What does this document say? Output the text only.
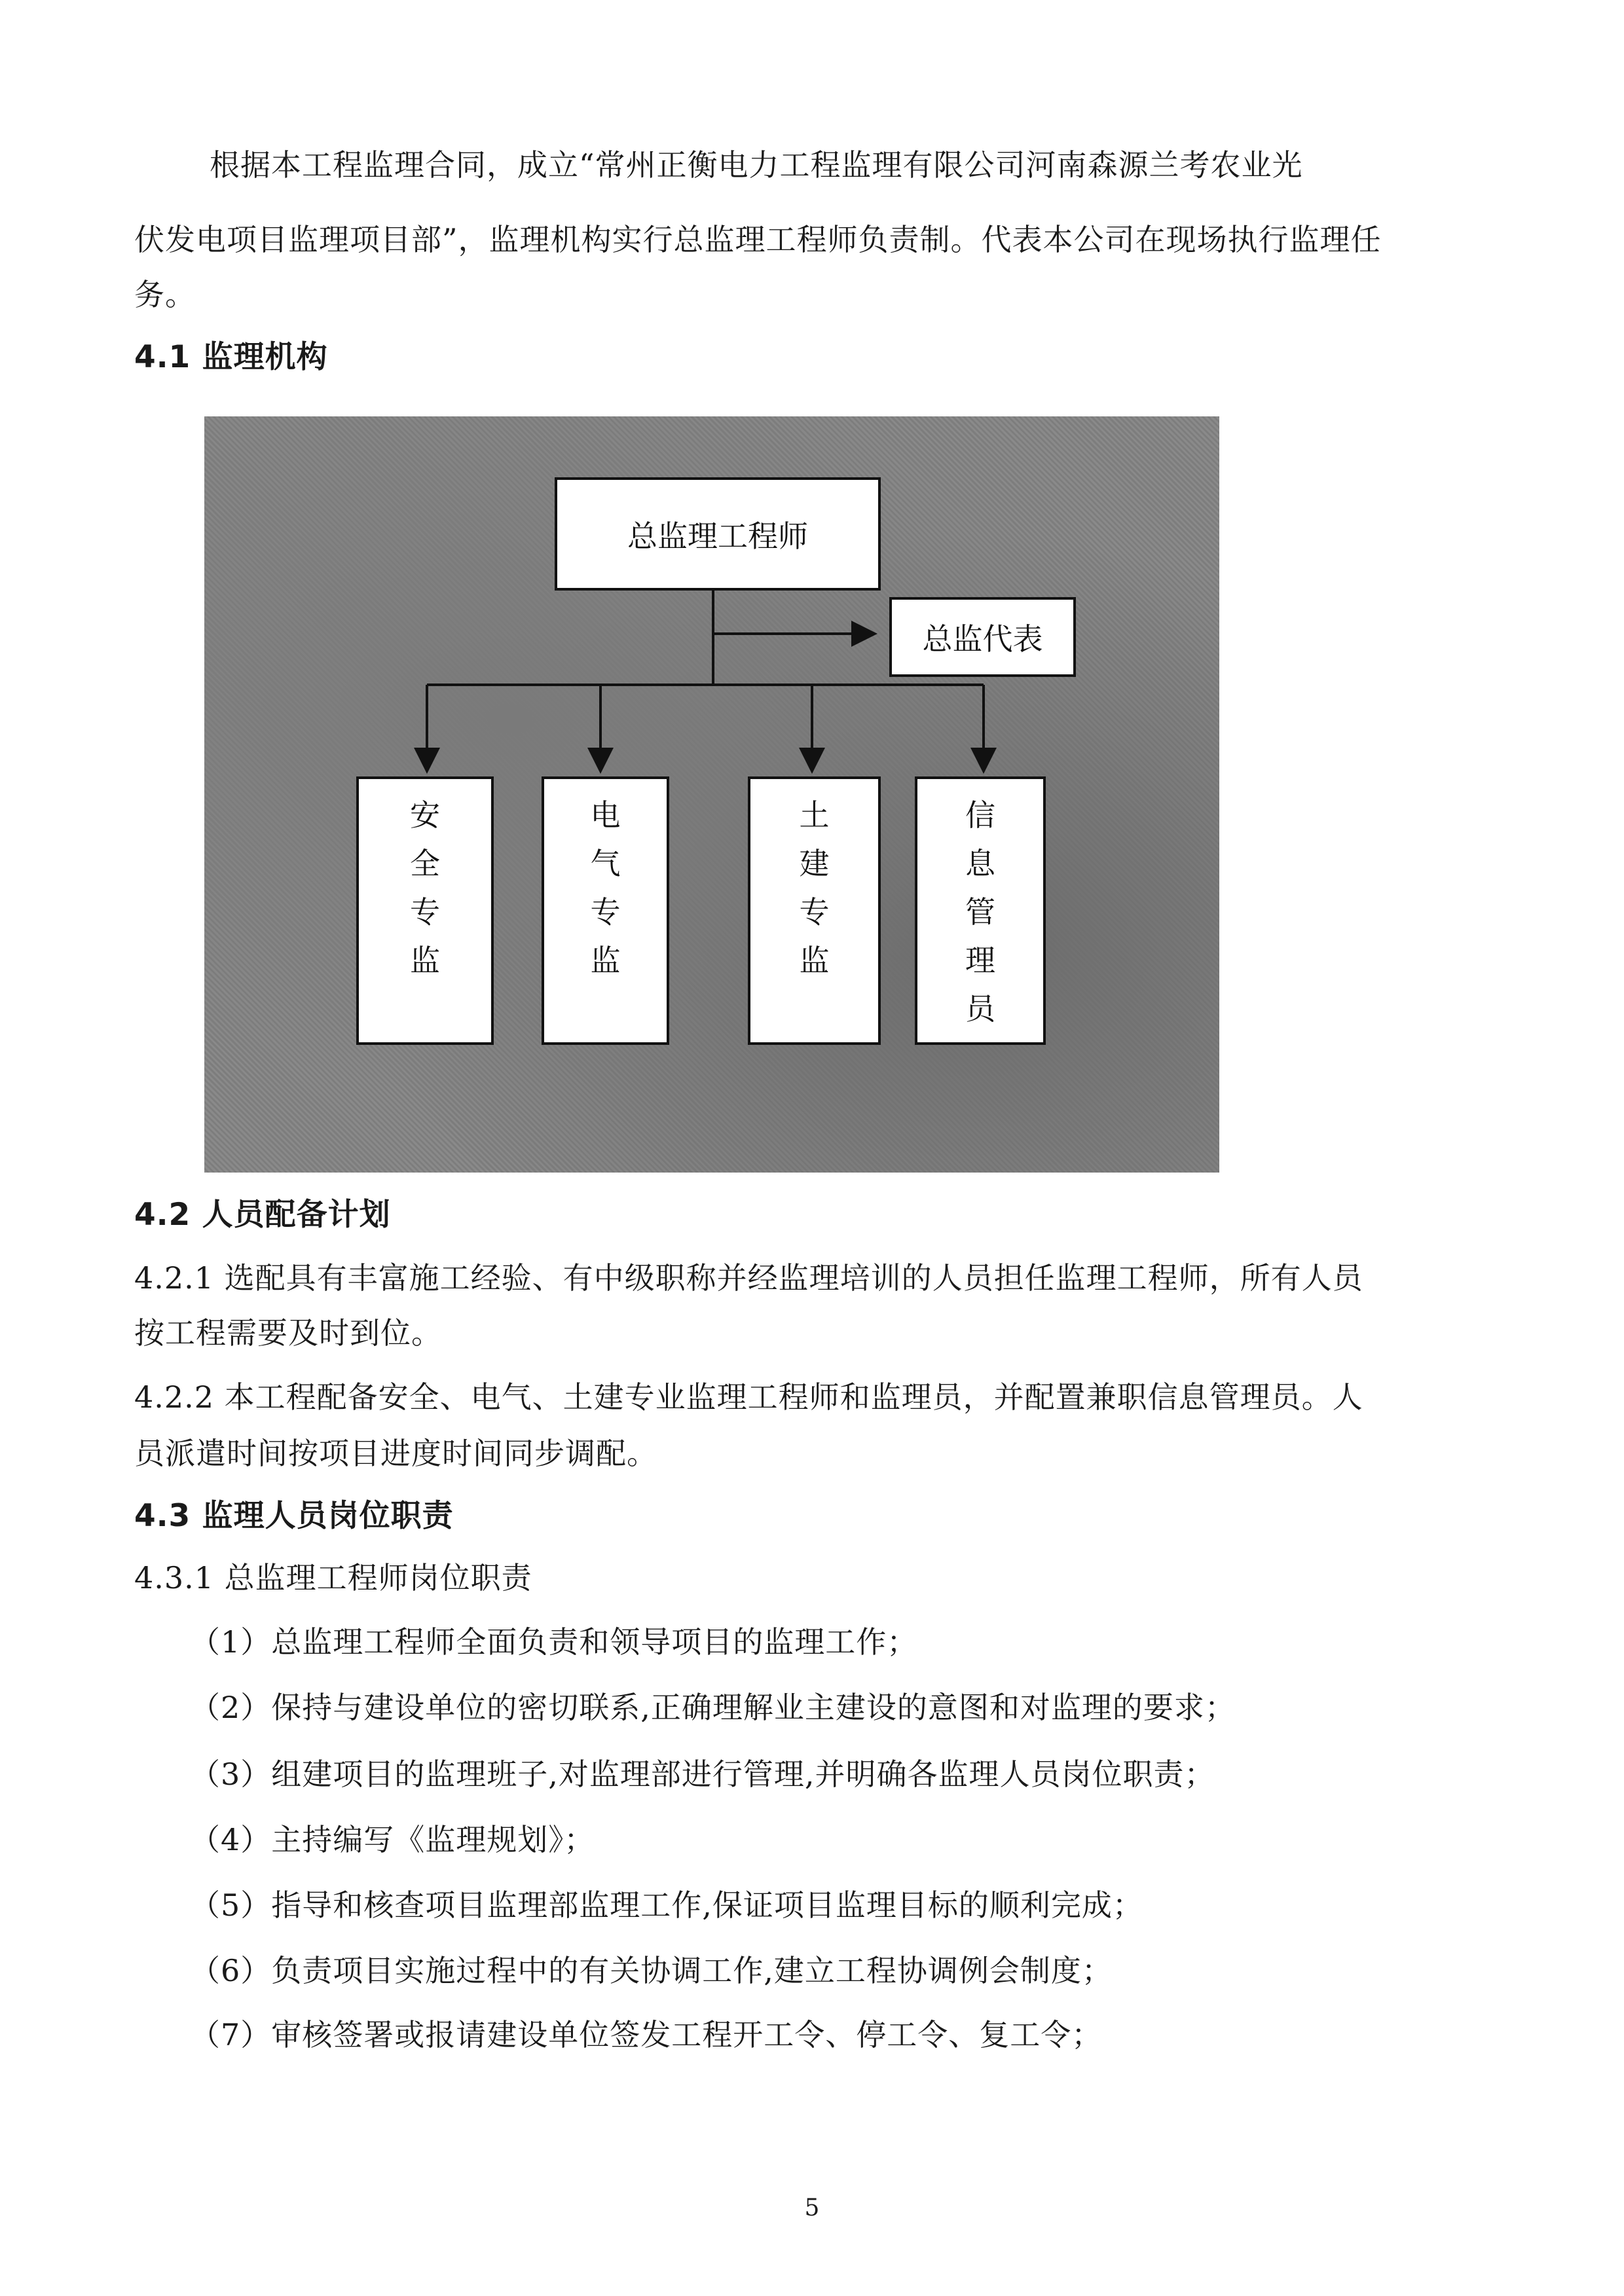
根据本工程监理合同，成立“常州正衡电力工程监理有限公司河南森源兰考农业光
伏发电项目监理项目部”，监理机构实行总监理工程师负责制。代表本公司在现场执行监理任
务。
4.1 监理机构
总监理工程师
总监代表
安
全
专
监
电
气
专
监
土
建
专
监
信
息
管
理
员
4.2 人员配备计划
4.2.1 选配具有丰富施工经验、有中级职称并经监理培训的人员担任监理工程师，所有人员
按工程需要及时到位。
4.2.2 本工程配备安全、电气、土建专业监理工程师和监理员，并配置兼职信息管理员。人
员派遣时间按项目进度时间同步调配。
4.3 监理人员岗位职责
4.3.1 总监理工程师岗位职责
（1）总监理工程师全面负责和领导项目的监理工作；
（2）保持与建设单位的密切联系,正确理解业主建设的意图和对监理的要求；
（3）组建项目的监理班子,对监理部进行管理,并明确各监理人员岗位职责；
（4）主持编写《监理规划》；
（5）指导和核查项目监理部监理工作,保证项目监理目标的顺利完成；
（6）负责项目实施过程中的有关协调工作,建立工程协调例会制度；
（7）审核签署或报请建设单位签发工程开工令、停工令、复工令；
5
